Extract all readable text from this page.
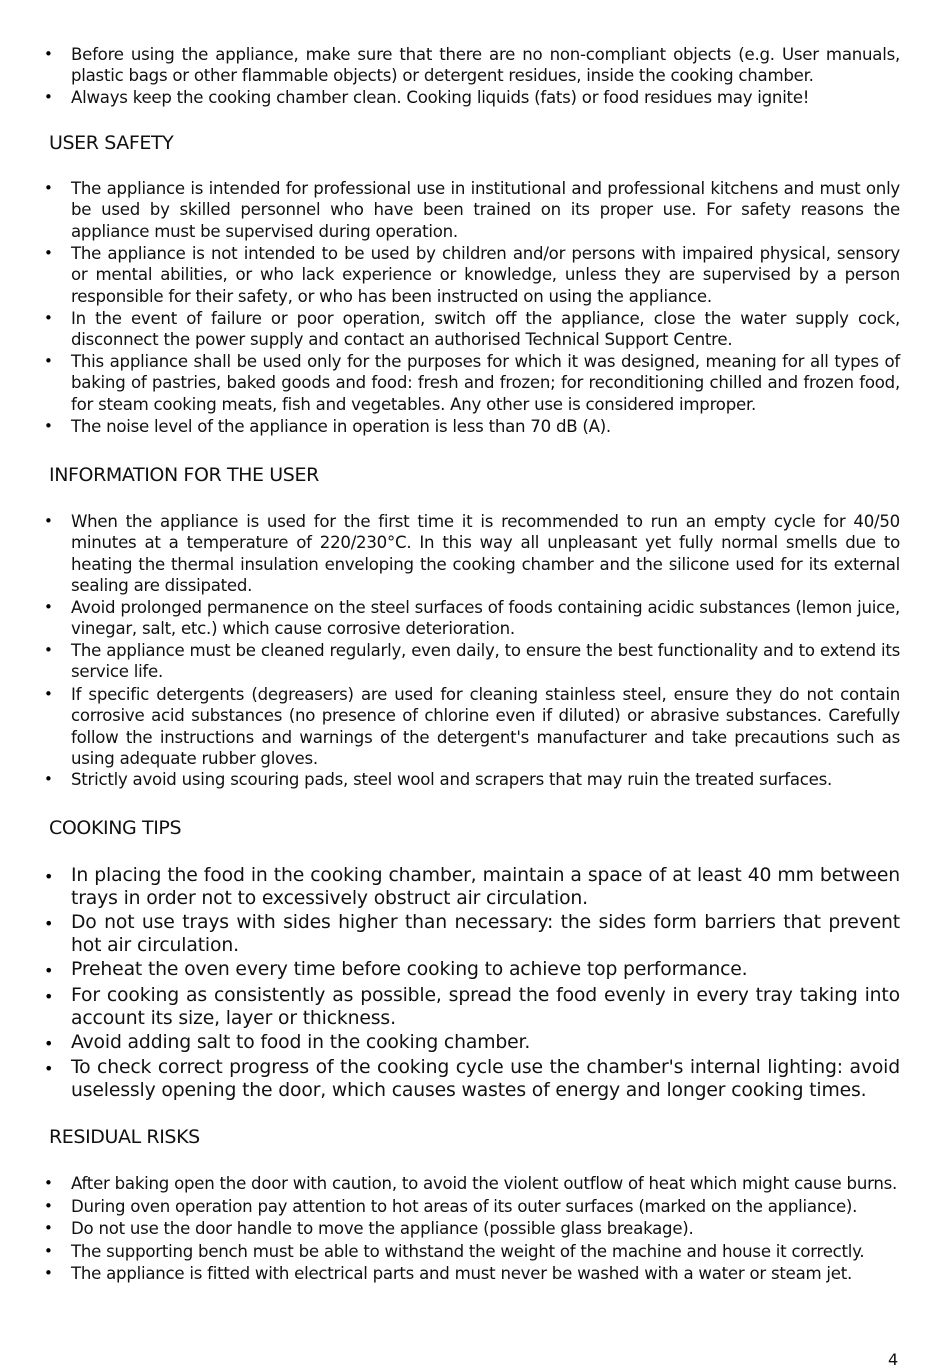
• Before using the appliance, make sure that there are no non-compliant objects (e.g. User manuals, plastic bags or other flammable objects) or detergent residues, inside the cooking chamber.
• Always keep the cooking chamber clean. Cooking liquids (fats) or food residues may ignite!
USER SAFETY
• The appliance is intended for professional use in institutional and professional kitchens and must only be used by skilled personnel who have been trained on its proper use. For safety reasons the appliance must be supervised during operation.
• The appliance is not intended to be used by children and/or persons with impaired physical, sensory or mental abilities, or who lack experience or knowledge, unless they are supervised by a person responsible for their safety, or who has been instructed on using the appliance.
• In the event of failure or poor operation, switch off the appliance, close the water supply cock, disconnect the power supply and contact an authorised Technical Support Centre.
• This appliance shall be used only for the purposes for which it was designed, meaning for all types of baking of pastries, baked goods and food: fresh and frozen; for reconditioning chilled and frozen food, for steam cooking meats, fish and vegetables. Any other use is considered improper.
• The noise level of the appliance in operation is less than 70 dB (A).
INFORMATION FOR THE USER
• When the appliance is used for the first time it is recommended to run an empty cycle for 40/50 minutes at a temperature of 220/230°C. In this way all unpleasant yet fully normal smells due to heating the thermal insulation enveloping the cooking chamber and the silicone used for its external sealing are dissipated.
• Avoid prolonged permanence on the steel surfaces of foods containing acidic substances (lemon juice, vinegar, salt, etc.) which cause corrosive deterioration.
• The appliance must be cleaned regularly, even daily, to ensure the best functionality and to extend its service life.
• If specific detergents (degreasers) are used for cleaning stainless steel, ensure they do not contain corrosive acid substances (no presence of chlorine even if diluted) or abrasive substances. Carefully follow the instructions and warnings of the detergent's manufacturer and take precautions such as using adequate rubber gloves.
• Strictly avoid using scouring pads, steel wool and scrapers that may ruin the treated surfaces.
COOKING TIPS
• In placing the food in the cooking chamber, maintain a space of at least 40 mm between trays in order not to excessively obstruct air circulation.
• Do not use trays with sides higher than necessary: the sides form barriers that prevent hot air circulation.
• Preheat the oven every time before cooking to achieve top performance.
• For cooking as consistently as possible, spread the food evenly in every tray taking into account its size, layer or thickness.
• Avoid adding salt to food in the cooking chamber.
• To check correct progress of the cooking cycle use the chamber's internal lighting: avoid uselessly opening the door, which causes wastes of energy and longer cooking times.
RESIDUAL RISKS
• After baking open the door with caution, to avoid the violent outflow of heat which might cause burns.
• During oven operation pay attention to hot areas of its outer surfaces (marked on the appliance).
• Do not use the door handle to move the appliance (possible glass breakage).
• The supporting bench must be able to withstand the weight of the machine and house it correctly.
• The appliance is fitted with electrical parts and must never be washed with a water or steam jet.

4
